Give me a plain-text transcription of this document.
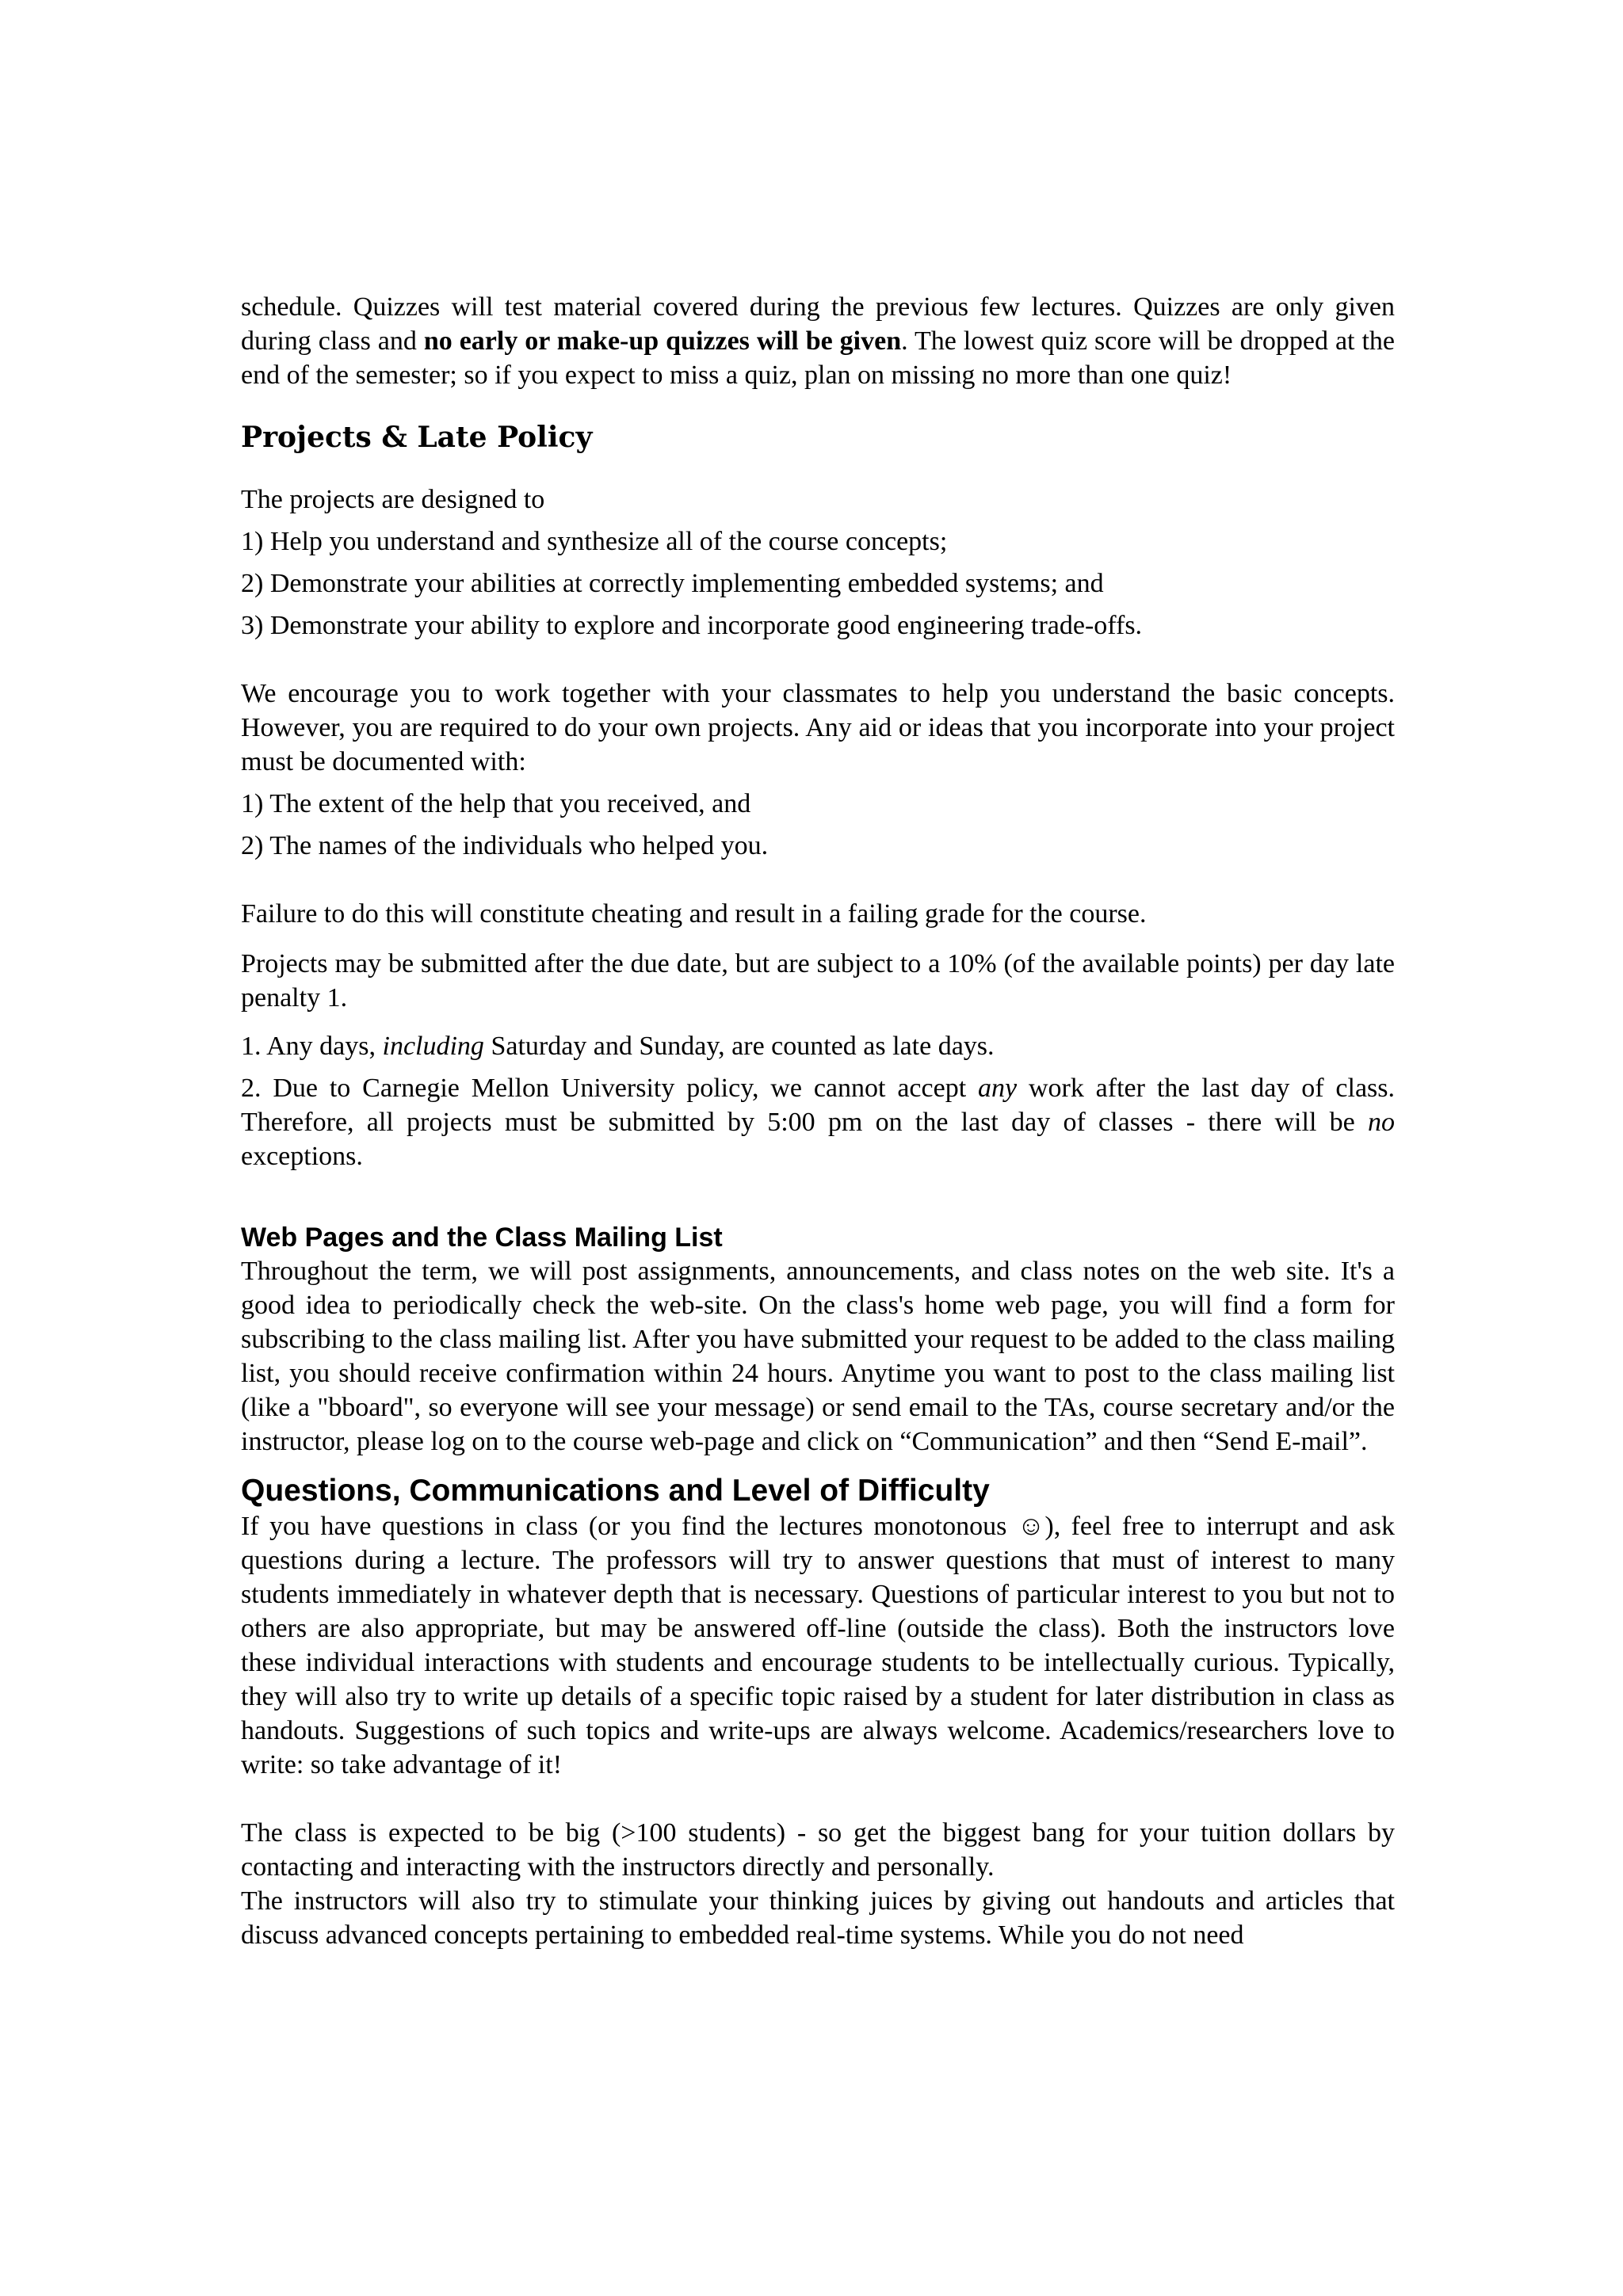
schedule. Quizzes will test material covered during the previous few lectures. Quizzes are only given during class and no early or make-up quizzes will be given. The lowest quiz score will be dropped at the end of the semester; so if you expect to miss a quiz, plan on missing no more than one quiz!

Projects & Late Policy

The projects are designed to

1) Help you understand and synthesize all of the course concepts;

2) Demonstrate your abilities at correctly implementing embedded systems; and

3) Demonstrate your ability to explore and incorporate good engineering trade-offs.

We encourage you to work together with your classmates to help you understand the basic concepts. However, you are required to do your own projects. Any aid or ideas that you incorporate into your project must be documented with:

1) The extent of the help that you received, and

2) The names of the individuals who helped you.

Failure to do this will constitute cheating and result in a failing grade for the course.

Projects may be submitted after the due date, but are subject to a 10% (of the available points) per day late penalty 1.

1. Any days, including Saturday and Sunday, are counted as late days.

2. Due to Carnegie Mellon University policy, we cannot accept any work after the last day of class. Therefore, all projects must be submitted by 5:00 pm on the last day of classes - there will be no exceptions.

Web Pages and the Class Mailing List

Throughout the term, we will post assignments, announcements, and class notes on the web site. It's a good idea to periodically check the web-site. On the class's home web page, you will find a form for subscribing to the class mailing list. After you have submitted your request to be added to the class mailing list, you should receive confirmation within 24 hours. Anytime you want to post to the class mailing list (like a "bboard", so everyone will see your message) or send email to the TAs, course secretary and/or the instructor, please log on to the course web-page and click on “Communication” and then “Send E-mail”.

Questions, Communications and Level of Difficulty

If you have questions in class (or you find the lectures monotonous ☺), feel free to interrupt and ask questions during a lecture. The professors will try to answer questions that must of interest to many students immediately in whatever depth that is necessary. Questions of particular interest to you but not to others are also appropriate, but may be answered off-line (outside the class). Both the instructors love these individual interactions with students and encourage students to be intellectually curious. Typically, they will also try to write up details of a specific topic raised by a student for later distribution in class as handouts. Suggestions of such topics and write-ups are always welcome. Academics/researchers love to write: so take advantage of it!

The class is expected to be big (>100 students) - so get the biggest bang for your tuition dollars by contacting and interacting with the instructors directly and personally.

The instructors will also try to stimulate your thinking juices by giving out handouts and articles that discuss advanced concepts pertaining to embedded real-time systems. While you do not need
